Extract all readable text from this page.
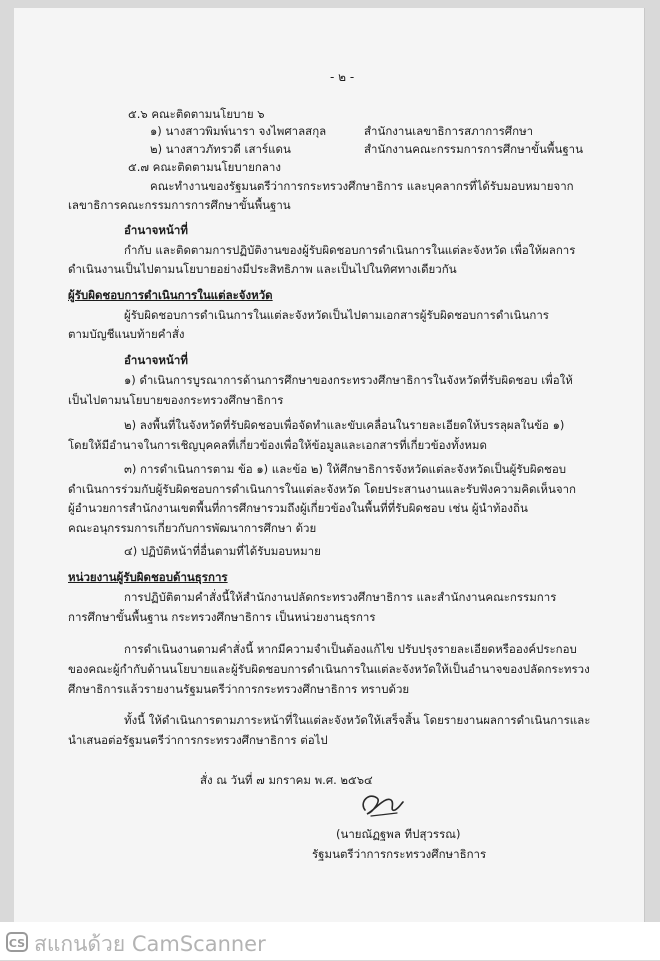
- ๒ -
๕.๖ คณะติดตามนโยบาย ๖
๑) นางสาวพิมพ์นารา จงไพศาลสกุล	สำนักงานเลขาธิการสภาการศึกษา
๒) นางสาวภัทรวดี เสาร์แดน	สำนักงานคณะกรรมการการศึกษาขั้นพื้นฐาน
๕.๗ คณะติดตามนโยบายกลาง
คณะทำงานของรัฐมนตรีว่าการกระทรวงศึกษาธิการ และบุคลากรที่ได้รับมอบหมายจาก
เลขาธิการคณะกรรมการการศึกษาขั้นพื้นฐาน
อำนาจหน้าที่
กำกับ และติดตามการปฏิบัติงานของผู้รับผิดชอบการดำเนินการในแต่ละจังหวัด เพื่อให้ผลการ
ดำเนินงานเป็นไปตามนโยบายอย่างมีประสิทธิภาพ และเป็นไปในทิศทางเดียวกัน
ผู้รับผิดชอบการดำเนินการในแต่ละจังหวัด
ผู้รับผิดชอบการดำเนินการในแต่ละจังหวัดเป็นไปตามเอกสารผู้รับผิดชอบการดำเนินการ
ตามบัญชีแนบท้ายคำสั่ง
อำนาจหน้าที่
๑) ดำเนินการบูรณาการด้านการศึกษาของกระทรวงศึกษาธิการในจังหวัดที่รับผิดชอบ เพื่อให้
เป็นไปตามนโยบายของกระทรวงศึกษาธิการ
๒) ลงพื้นที่ในจังหวัดที่รับผิดชอบเพื่อจัดทำและขับเคลื่อนในรายละเอียดให้บรรลุผลในข้อ ๑)
โดยให้มีอำนาจในการเชิญบุคคลที่เกี่ยวข้องเพื่อให้ข้อมูลและเอกสารที่เกี่ยวข้องทั้งหมด
๓) การดำเนินการตาม ข้อ ๑) และข้อ ๒) ให้ศึกษาธิการจังหวัดแต่ละจังหวัดเป็นผู้รับผิดชอบ
ดำเนินการร่วมกับผู้รับผิดชอบการดำเนินการในแต่ละจังหวัด โดยประสานงานและรับฟังความคิดเห็นจาก
ผู้อำนวยการสำนักงานเขตพื้นที่การศึกษารวมถึงผู้เกี่ยวข้องในพื้นที่ที่รับผิดชอบ เช่น ผู้นำท้องถิ่น
คณะอนุกรรมการเกี่ยวกับการพัฒนาการศึกษา ด้วย
๔) ปฏิบัติหน้าที่อื่นตามที่ได้รับมอบหมาย
หน่วยงานผู้รับผิดชอบด้านธุรการ
การปฏิบัติตามคำสั่งนี้ให้สำนักงานปลัดกระทรวงศึกษาธิการ และสำนักงานคณะกรรมการ
การศึกษาขั้นพื้นฐาน กระทรวงศึกษาธิการ เป็นหน่วยงานธุรการ
การดำเนินงานตามคำสั่งนี้ หากมีความจำเป็นต้องแก้ไข ปรับปรุงรายละเอียดหรือองค์ประกอบ
ของคณะผู้กำกับด้านนโยบายและผู้รับผิดชอบการดำเนินการในแต่ละจังหวัดให้เป็นอำนาจของปลัดกระทรวง
ศึกษาธิการแล้วรายงานรัฐมนตรีว่าการกระทรวงศึกษาธิการ ทราบด้วย
ทั้งนี้ ให้ดำเนินการตามภาระหน้าที่ในแต่ละจังหวัดให้เสร็จสิ้น โดยรายงานผลการดำเนินการและ
นำเสนอต่อรัฐมนตรีว่าการกระทรวงศึกษาธิการ ต่อไป
สั่ง ณ วันที่ ๗ มกราคม พ.ศ. ๒๕๖๔
(นายณัฏฐพล ทีปสุวรรณ)
รัฐมนตรีว่าการกระทรวงศึกษาธิการ
CS สแกนด้วย CamScanner
